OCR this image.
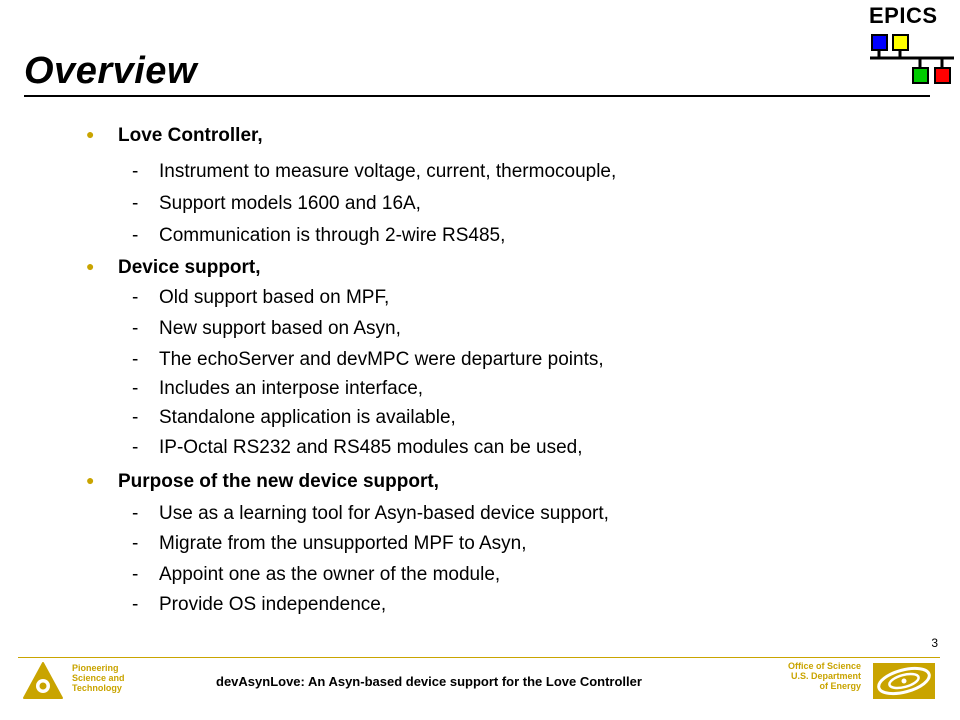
Overview
EPICS
● Love Controller,
- Instrument to measure voltage, current, thermocouple,
- Support models 1600 and 16A,
- Communication is through 2-wire RS485,
● Device support,
- Old support based on MPF,
- New support based on Asyn,
- The echoServer and devMPC were departure points,
- Includes an interpose interface,
- Standalone application is available,
- IP-Octal RS232 and RS485 modules can be used,
● Purpose of the new device support,
- Use as a learning tool for Asyn-based device support,
- Migrate from the unsupported MPF to Asyn,
- Appoint one as the owner of the module,
- Provide OS independence,
3
Pioneering
Science and
Technology	devAsynLove: An Asyn-based device support for the Love Controller
Office of Science
U.S. Department
of Energy
